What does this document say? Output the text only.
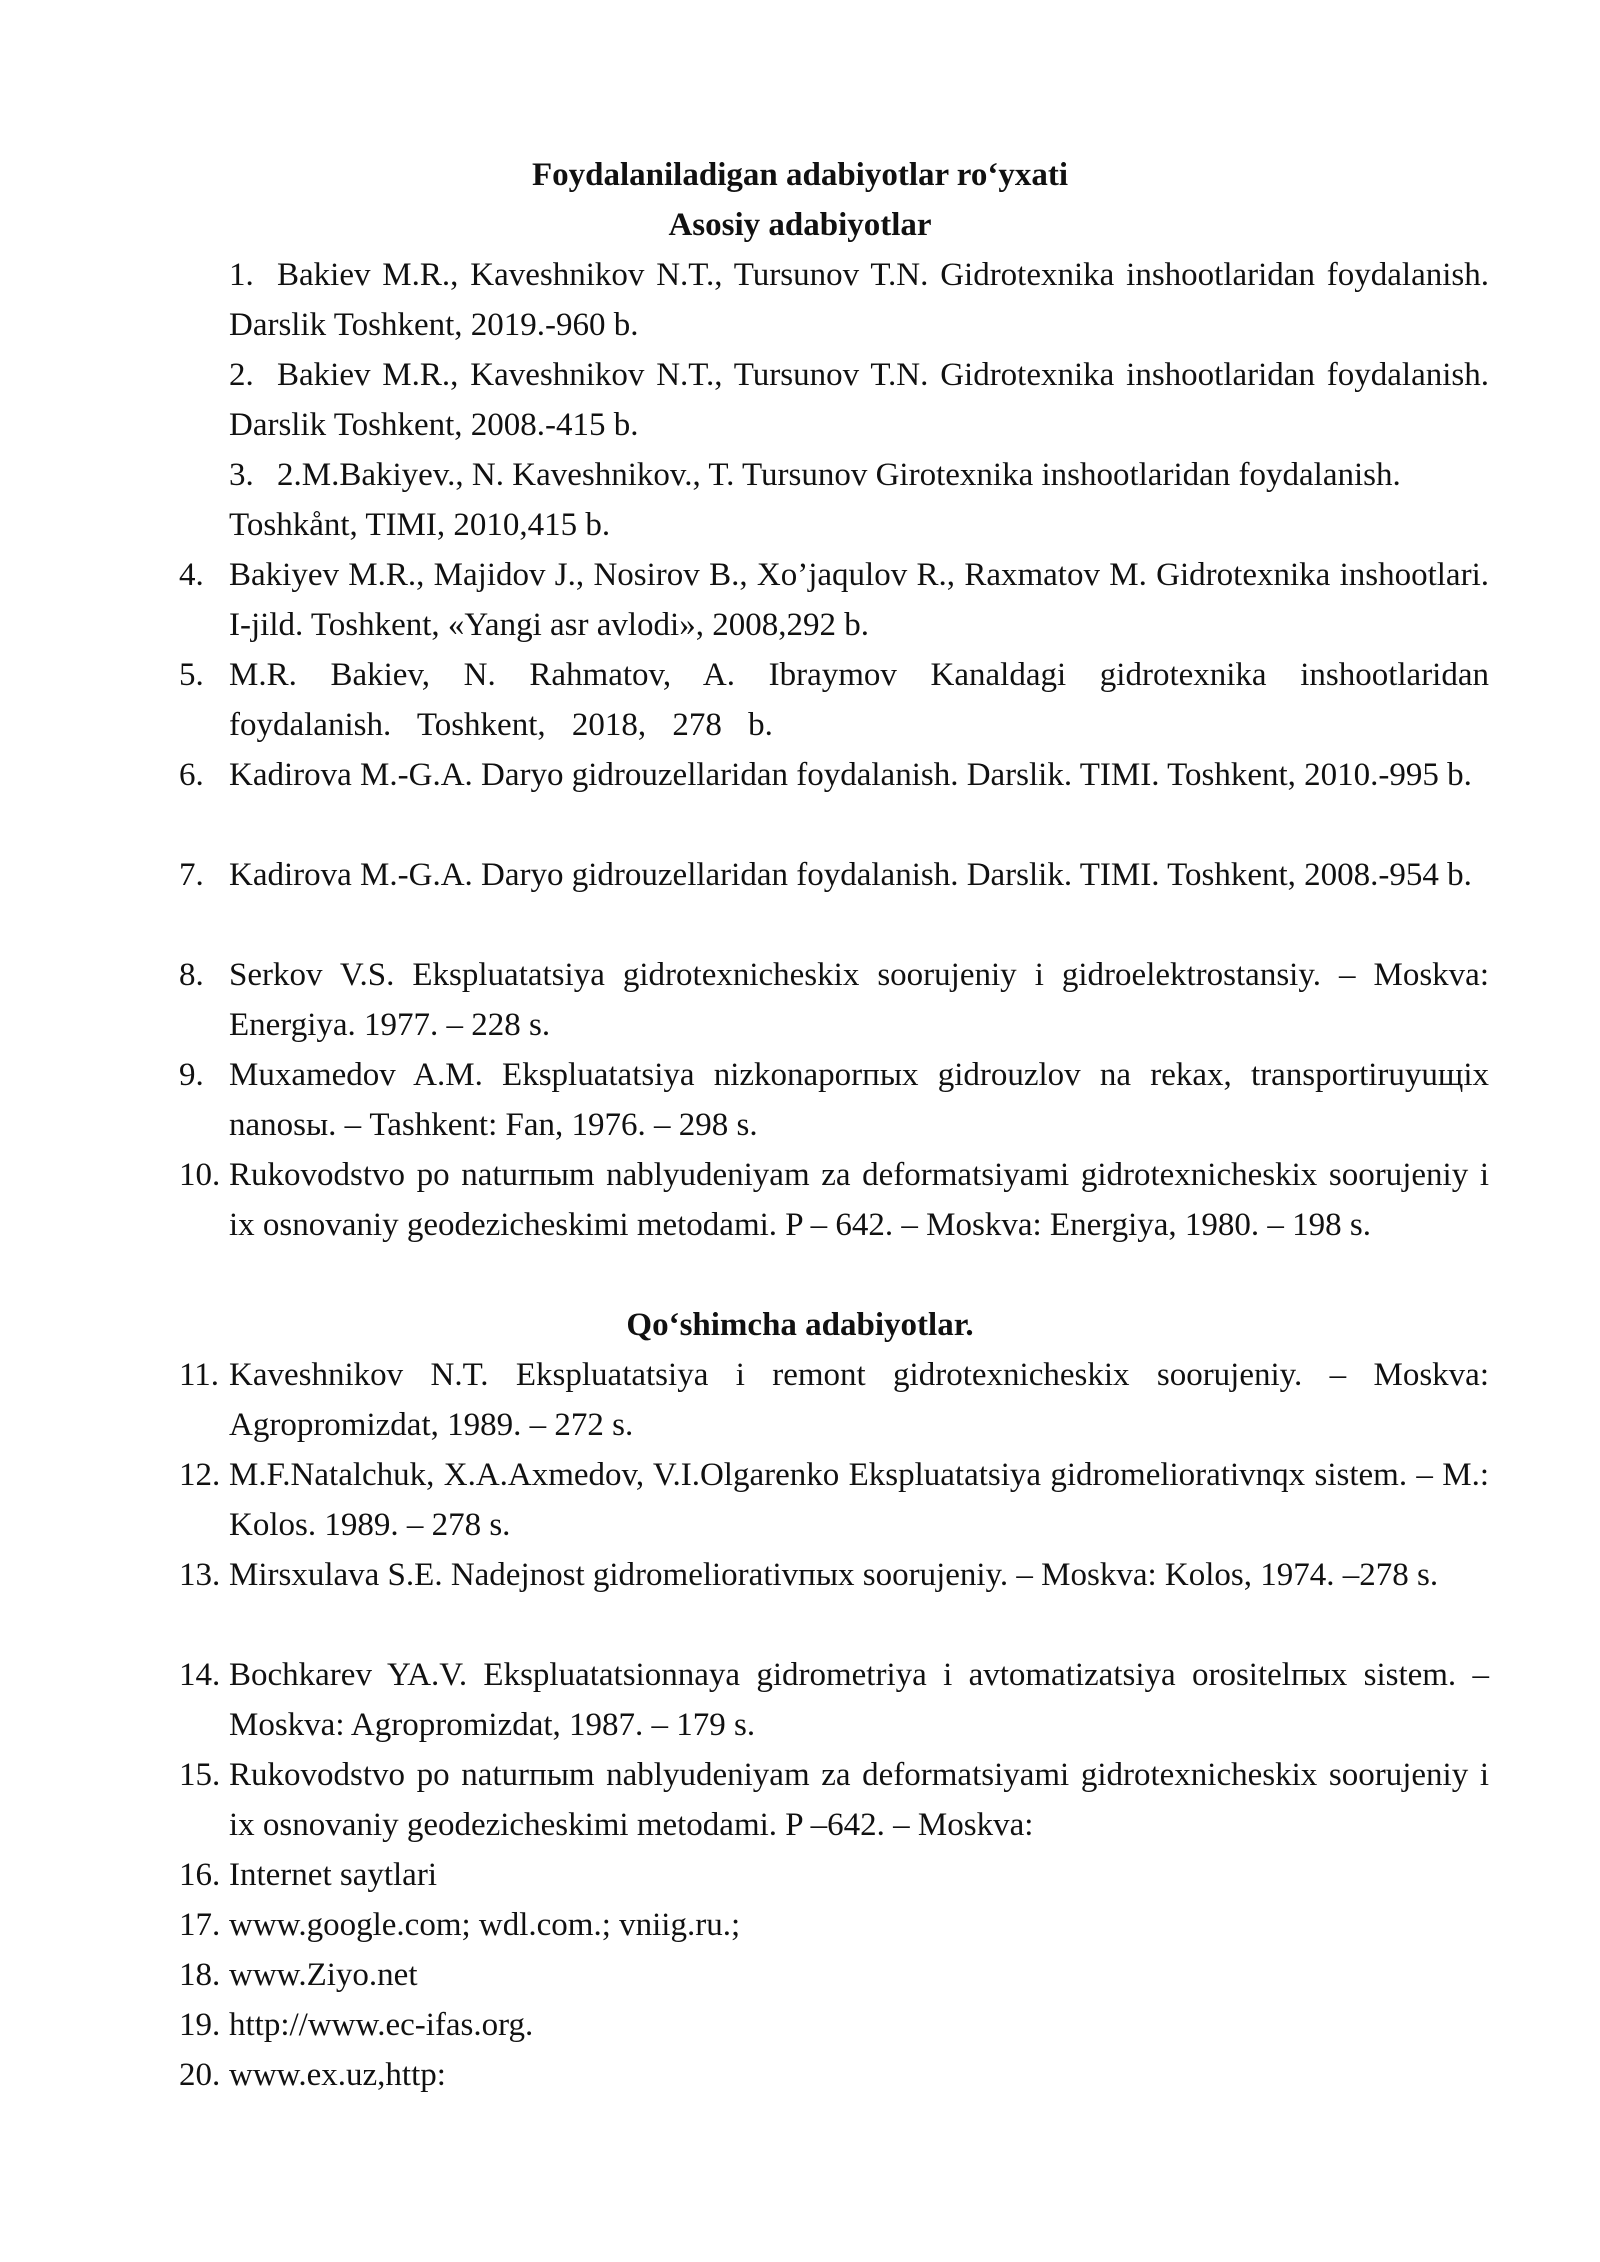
Foydalaniladigan adabiyotlar ro‘yxati
Asosiy adabiyotlar
1. Bakiev M.R., Kaveshnikov N.T., Tursunov T.N. Gidrotexnika inshootlaridan foydalanish. Darslik Toshkent, 2019.-960 b.
2. Bakiev M.R., Kaveshnikov N.T., Tursunov T.N. Gidrotexnika inshootlaridan foydalanish. Darslik Toshkent, 2008.-415 b.
3. 2.M.Bakiyev., N. Kaveshnikov., T. Tursunov Girotexnika inshootlaridan foydalanish. Toshkånt, TIMI, 2010,415 b.
4. Bakiyev M.R., Majidov J., Nosirov B., Xo’jaqulov R., Raxmatov M. Gidrotexnika inshootlari. I-jild. Toshkent, «Yangi asr avlodi», 2008,292 b.
5. M.R. Bakiev, N. Rahmatov, A. Ibraymov Kanaldagi gidrotexnika inshootlaridan foydalanish. Toshkent, 2018, 278 b.
6. Kadirova M.-G.A. Daryo gidrouzellaridan foydalanish. Darslik. TIMI. Toshkent, 2010.-995 b.
7. Kadirova M.-G.A. Daryo gidrouzellaridan foydalanish. Darslik. TIMI. Toshkent, 2008.-954 b.
8. Serkov V.S. Ekspluatatsiya gidrotexnicheskix soorujeniy i gidroelektrostansiy. – Moskva: Energiya. 1977. – 228 s.
9. Muxamedov A.M. Ekspluatatsiya nizkonaporпыx gidrouzlov na rekax, transportiruyuщix nanosы. – Tashkent: Fan, 1976. – 298 s.
10. Rukovodstvo po naturпыm nablyudeniyam za deformatsiyami gidrotexnicheskix soorujeniy i ix osnovaniy geodezicheskimi metodami. P – 642. – Moskva: Energiya, 1980. – 198 s.
Qo‘shimcha adabiyotlar.
11. Kaveshnikov N.T. Ekspluatatsiya i remont gidrotexnicheskix soorujeniy. – Moskva: Agropromizdat, 1989. – 272 s.
12. M.F.Natalchuk, X.A.Axmedov, V.I.Olgarenko Ekspluatatsiya gidromeliorativnqx sistem. – M.: Kolos. 1989. – 278 s.
13. Mirsxulava S.E. Nadejnost gidromeliorativпыx soorujeniy. – Moskva: Kolos, 1974. –278 s.
14. Bochkarev YA.V. Ekspluatatsionnaya gidrometriya i avtomatizatsiya orositelпыx sistem. – Moskva: Agropromizdat, 1987. – 179 s.
15. Rukovodstvo po naturпыm nablyudeniyam za deformatsiyami gidrotexnicheskix soorujeniy i ix osnovaniy geodezicheskimi metodami. P –642. – Moskva:
16. Internet saytlari
17. www.google.com; wdl.com.; vniig.ru.;
18. www.Ziyo.net
19. http://www.ec-ifas.org.
20. www.ex.uz,http:
